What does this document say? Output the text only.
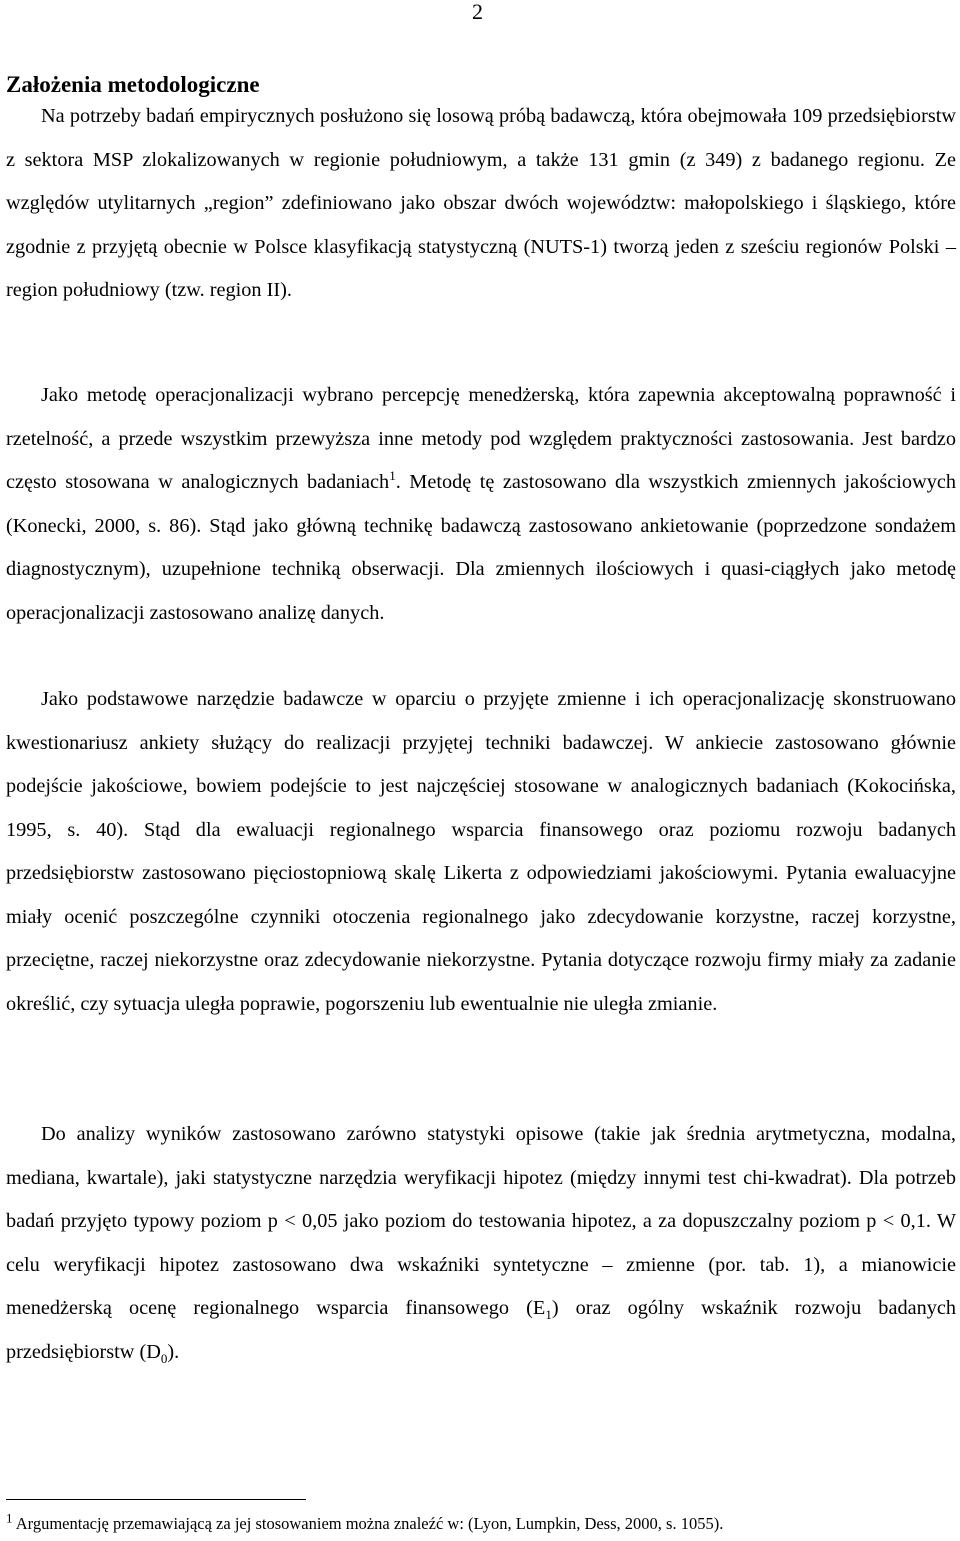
2
Założenia metodologiczne

Na potrzeby badań empirycznych posłużono się losową próbą badawczą, która obejmowała 109 przedsiębiorstw z sektora MSP zlokalizowanych w regionie południowym, a także 131 gmin (z 349) z badanego regionu. Ze względów utylitarnych „region” zdefiniowano jako obszar dwóch województw: małopolskiego i śląskiego, które zgodnie z przyjętą obecnie w Polsce klasyfikacją statystyczną (NUTS-1) tworzą jeden z sześciu regionów Polski – region południowy (tzw. region II).

Jako metodę operacjonalizacji wybrano percepcję menedżerską, która zapewnia akceptowalną poprawność i rzetelność, a przede wszystkim przewyższa inne metody pod względem praktyczności zastosowania. Jest bardzo często stosowana w analogicznych badaniach$^1$. Metodę tę zastosowano dla wszystkich zmiennych jakościowych (Konecki, 2000, s. 86). Stąd jako główną technikę badawczą zastosowano ankietowanie (poprzedzone sondażem diagnostycznym), uzupełnione techniką obserwacji. Dla zmiennych ilościowych i quasi-ciągłych jako metodę operacjonalizacji zastosowano analizę danych.

Jako podstawowe narzędzie badawcze w oparciu o przyjęte zmienne i ich operacjonalizację skonstruowano kwestionariusz ankiety służący do realizacji przyjętej techniki badawczej. W ankiecie zastosowano głównie podejście jakościowe, bowiem podejście to jest najczęściej stosowane w analogicznych badaniach (Kokocińska, 1995, s. 40). Stąd dla ewaluacji regionalnego wsparcia finansowego oraz poziomu rozwoju badanych przedsiębiorstw zastosowano pięciostopniową skalę Likerta z odpowiedziami jakościowymi. Pytania ewaluacyjne miały ocenić poszczególne czynniki otoczenia regionalnego jako zdecydowanie korzystne, raczej korzystne, przeciętne, raczej niekorzystne oraz zdecydowanie niekorzystne. Pytania dotyczące rozwoju firmy miały za zadanie określić, czy sytuacja uległa poprawie, pogorszeniu lub ewentualnie nie uległa zmianie.

Do analizy wyników zastosowano zarówno statystyki opisowe (takie jak średnia arytmetyczna, modalna, mediana, kwartale), jaki statystyczne narzędzia weryfikacji hipotez (między innymi test chi-kwadrat). Dla potrzeb badań przyjęto typowy poziom p < 0,05 jako poziom do testowania hipotez, a za dopuszczalny poziom p < 0,1. W celu weryfikacji hipotez zastosowano dwa wskaźniki syntetyczne – zmienne (por. tab. 1), a mianowicie menedżerską ocenę regionalnego wsparcia finansowego $(E_1)$ oraz ogólny wskaźnik rozwoju badanych przedsiębiorstw $(D_0)$.

$^1$ Argumentację przemawiającą za jej stosowaniem można znaleźć w: (Lyon, Lumpkin, Dess, 2000, s. 1055).
